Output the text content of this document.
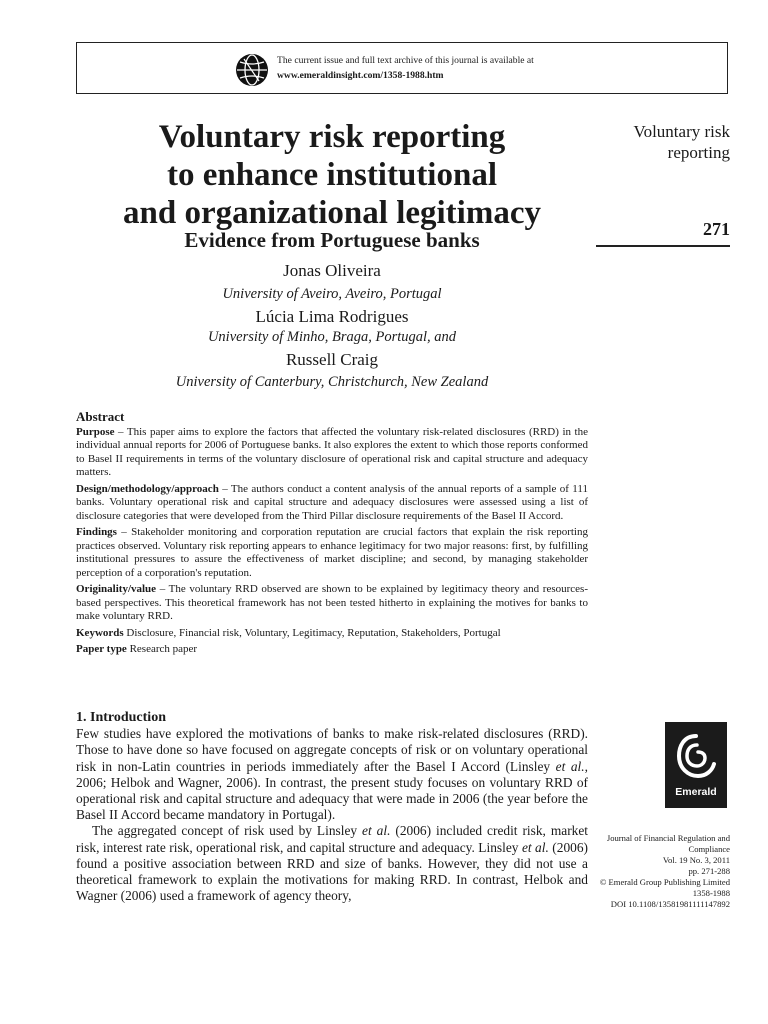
The current issue and full text archive of this journal is available at
www.emeraldinsight.com/1358-1988.htm
Voluntary risk reporting
to enhance institutional
and organizational legitimacy
Evidence from Portuguese banks
Jonas Oliveira
University of Aveiro, Aveiro, Portugal
Lúcia Lima Rodrigues
University of Minho, Braga, Portugal, and
Russell Craig
University of Canterbury, Christchurch, New Zealand
Voluntary risk
reporting
271
Abstract

Purpose – This paper aims to explore the factors that affected the voluntary risk-related disclosures (RRD) in the individual annual reports for 2006 of Portuguese banks. It also explores the extent to which those reports conformed to Basel II requirements in terms of the voluntary disclosure of operational risk and capital structure and adequacy matters.

Design/methodology/approach – The authors conduct a content analysis of the annual reports of a sample of 111 banks. Voluntary operational risk and capital structure and adequacy disclosures were assessed using a list of disclosure categories that were developed from the Third Pillar disclosure requirements of the Basel II Accord.

Findings – Stakeholder monitoring and corporation reputation are crucial factors that explain the risk reporting practices observed. Voluntary risk reporting appears to enhance legitimacy for two major reasons: first, by fulfilling institutional pressures to assure the effectiveness of market discipline; and second, by managing stakeholder perception of a corporation's reputation.

Originality/value – The voluntary RRD observed are shown to be explained by legitimacy theory and resources-based perspectives. This theoretical framework has not been tested hitherto in explaining the motives for banks to make voluntary RRD.

Keywords Disclosure, Financial risk, Voluntary, Legitimacy, Reputation, Stakeholders, Portugal

Paper type Research paper

1. Introduction

Few studies have explored the motivations of banks to make risk-related disclosures (RRD). Those to have done so have focused on aggregate concepts of risk or on voluntary operational risk in non-Latin countries in periods immediately after the Basel I Accord (Linsley et al., 2006; Helbok and Wagner, 2006). In contrast, the present study focuses on voluntary RRD of operational risk and capital structure and adequacy that were made in 2006 (the year before the Basel II Accord became mandatory in Portugal).

The aggregated concept of risk used by Linsley et al. (2006) included credit risk, market risk, interest rate risk, operational risk, and capital structure and adequacy. Linsley et al. (2006) found a positive association between RRD and size of banks. However, they did not use a theoretical framework to explain the motivations for making RRD. In contrast, Helbok and Wagner (2006) used a framework of agency theory,

Emerald
Journal of Financial Regulation and
Compliance
Vol. 19 No. 3, 2011
pp. 271-288
© Emerald Group Publishing Limited
1358-1988
DOI 10.1108/13581981111147892
